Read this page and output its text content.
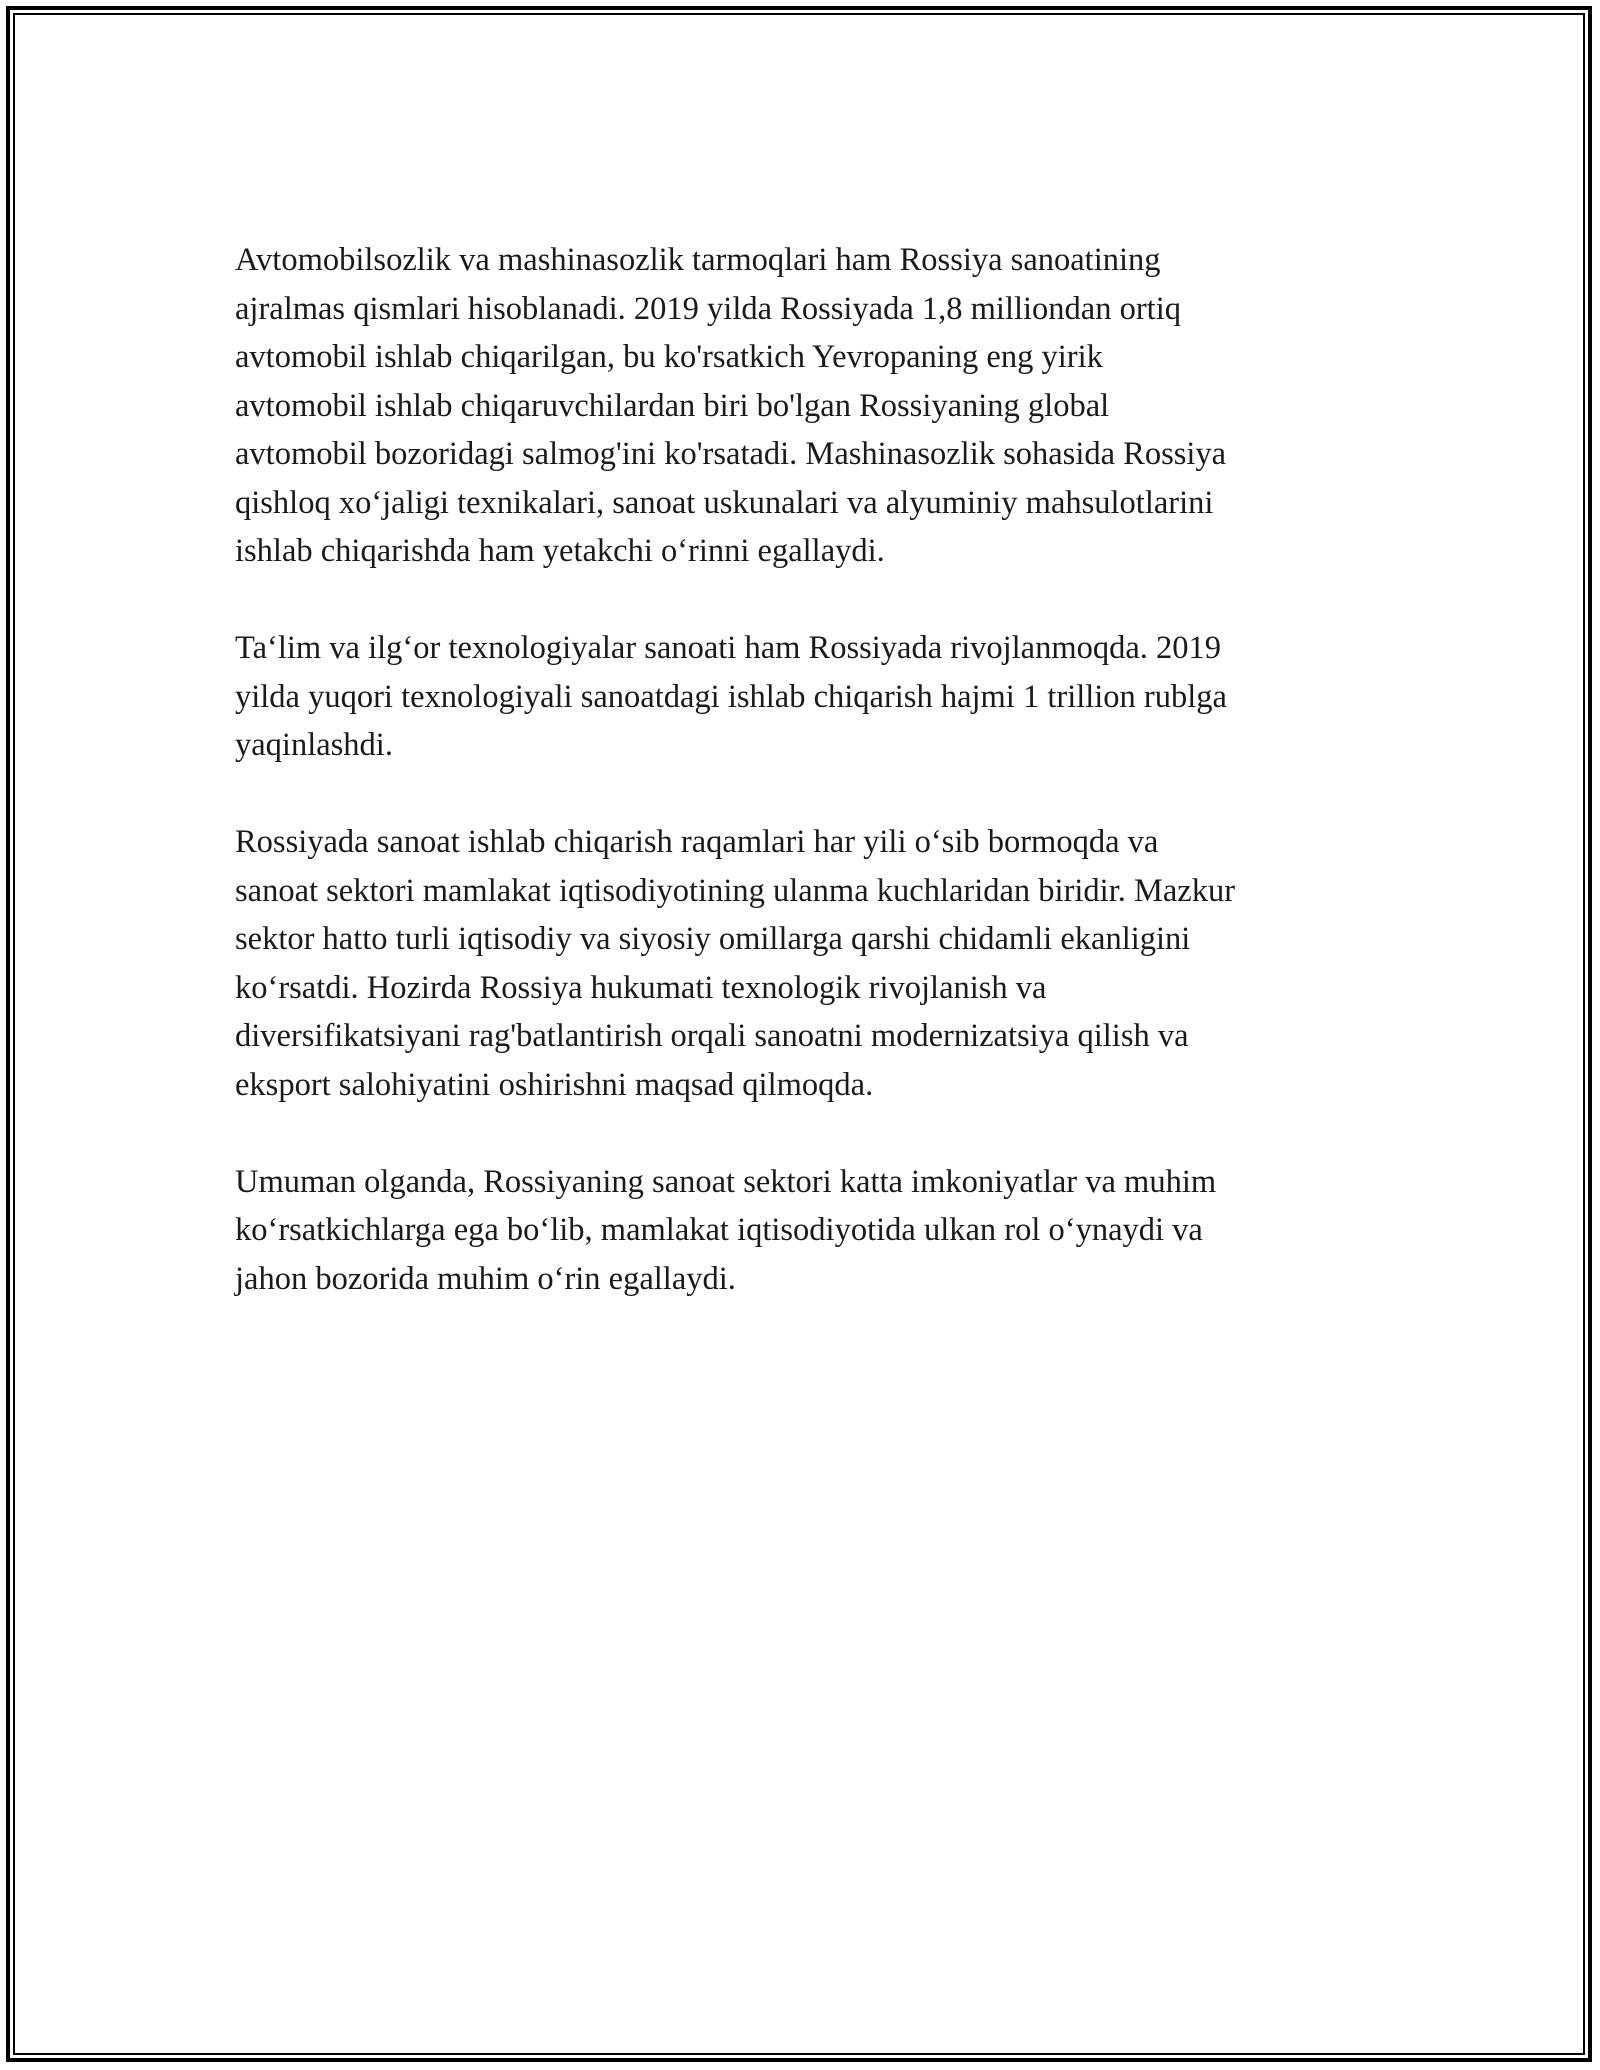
Avtomobilsozlik va mashinasozlik tarmoqlari ham Rossiya sanoatining
ajralmas qismlari hisoblanadi. 2019 yilda Rossiyada 1,8 milliondan ortiq
avtomobil ishlab chiqarilgan, bu ko'rsatkich Yevropaning eng yirik
avtomobil ishlab chiqaruvchilardan biri bo'lgan Rossiyaning global
avtomobil bozoridagi salmog'ini ko'rsatadi. Mashinasozlik sohasida Rossiya
qishloq xoʻjaligi texnikalari, sanoat uskunalari va alyuminiy mahsulotlarini
ishlab chiqarishda ham yetakchi oʻrinni egallaydi.

Taʻlim va ilgʻor texnologiyalar sanoati ham Rossiyada rivojlanmoqda. 2019
yilda yuqori texnologiyali sanoatdagi ishlab chiqarish hajmi 1 trillion rublga
yaqinlashdi.

Rossiyada sanoat ishlab chiqarish raqamlari har yili oʻsib bormoqda va
sanoat sektori mamlakat iqtisodiyotining ulanma kuchlaridan biridir. Mazkur
sektor hatto turli iqtisodiy va siyosiy omillarga qarshi chidamli ekanligini
koʻrsatdi. Hozirda Rossiya hukumati texnologik rivojlanish va
diversifikatsiyani rag'batlantirish orqali sanoatni modernizatsiya qilish va
eksport salohiyatini oshirishni maqsad qilmoqda.

Umuman olganda, Rossiyaning sanoat sektori katta imkoniyatlar va muhim
koʻrsatkichlarga ega boʻlib, mamlakat iqtisodiyotida ulkan rol oʻynaydi va
jahon bozorida muhim oʻrin egallaydi.
